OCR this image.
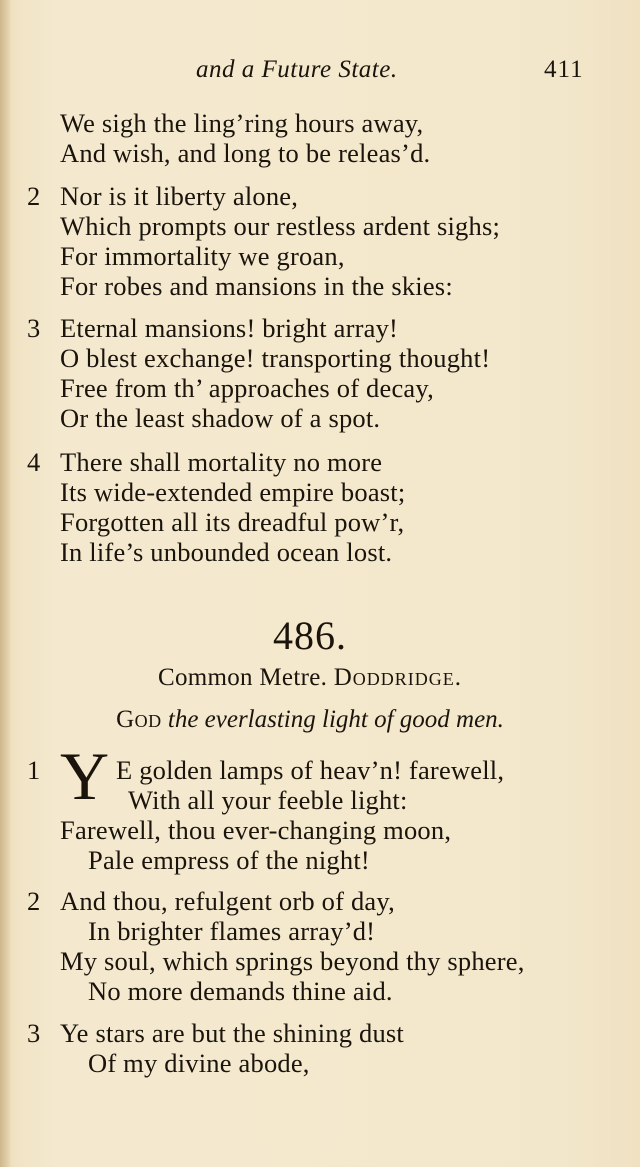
and a Future State.	411
We sigh the ling’ring hours away,
And wish, and long to be releas’d.
2 Nor is it liberty alone,
Which prompts our restless ardent sighs;
For immortality we groan,
For robes and mansions in the skies:
3 Eternal mansions! bright array!
O blest exchange! transporting thought!
Free from th’ approaches of decay,
Or the least shadow of a spot.
4 There shall mortality no more
Its wide-extended empire boast;
Forgotten all its dreadful pow’r,
In life’s unbounded ocean lost.
486.
Common Metre. Doddridge.
God the everlasting light of good men.
1 Y E golden lamps of heav’n! farewell,
With all your feeble light:
Farewell, thou ever-changing moon,
Pale empress of the night!
2 And thou, refulgent orb of day,
In brighter flames array’d!
My soul, which springs beyond thy sphere,
No more demands thine aid.
3 Ye stars are but the shining dust
Of my divine abode,
